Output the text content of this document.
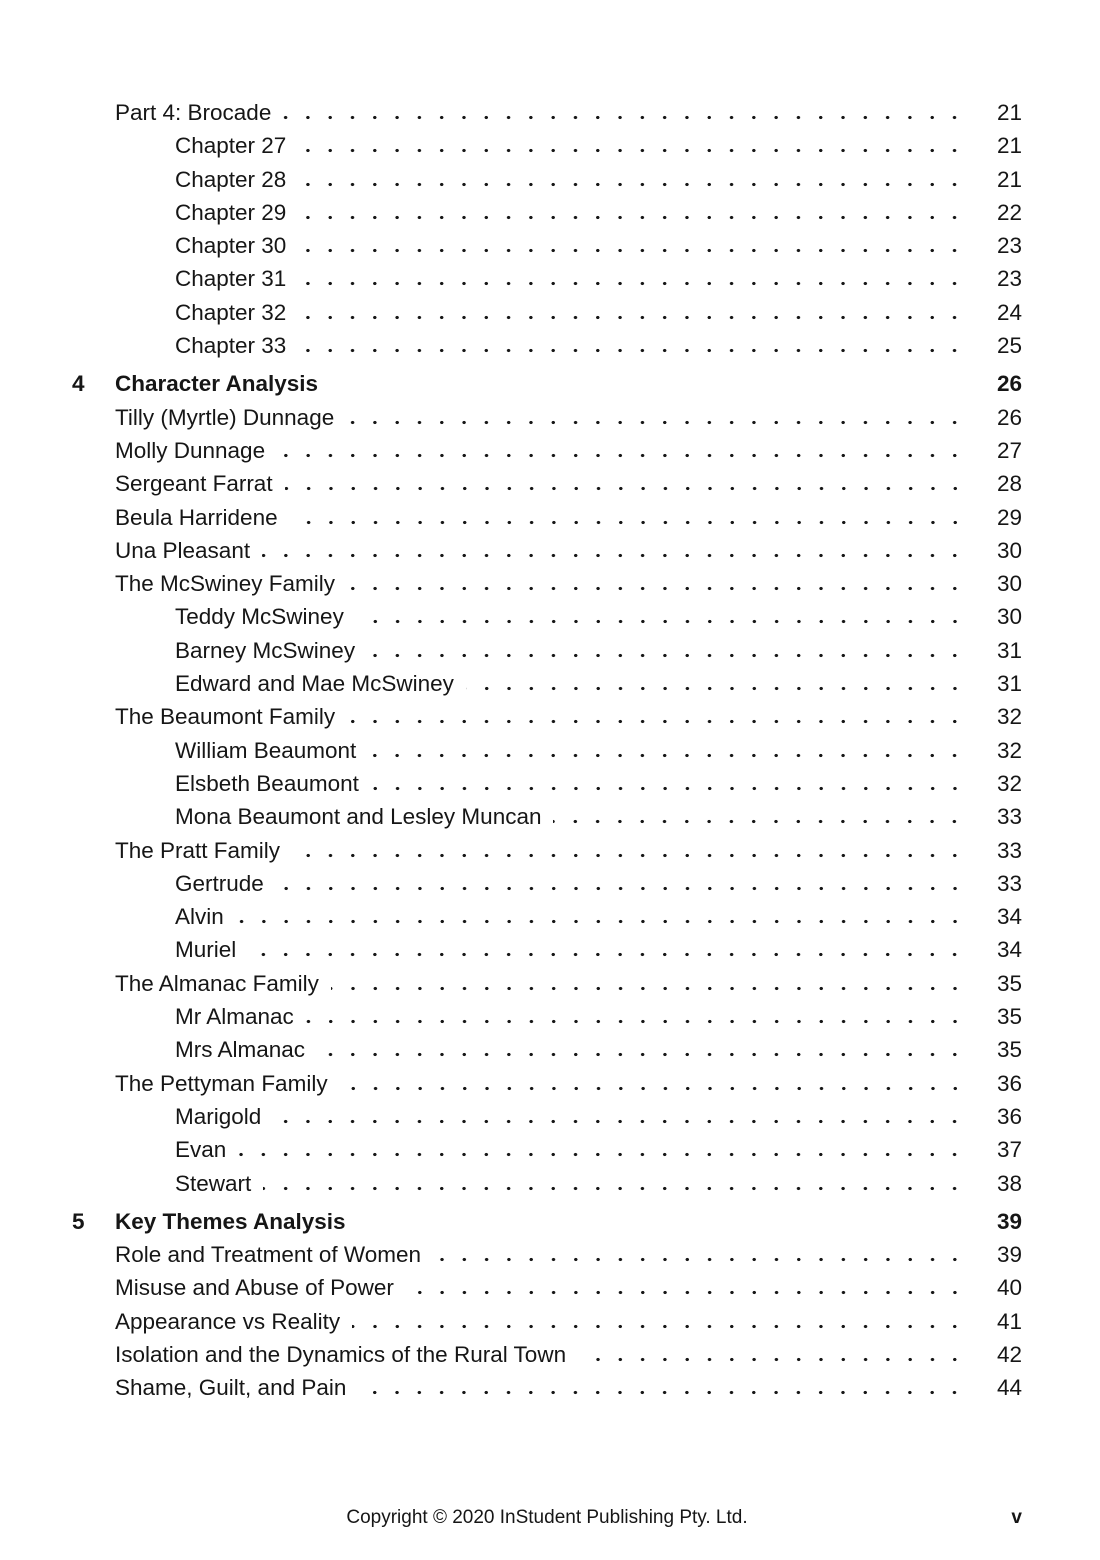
Part 4: Brocade	21
Chapter 27	21
Chapter 28	21
Chapter 29	22
Chapter 30	23
Chapter 31	23
Chapter 32	24
Chapter 33	25
4	Character Analysis	26
Tilly (Myrtle) Dunnage	26
Molly Dunnage	27
Sergeant Farrat	28
Beula Harridene	29
Una Pleasant	30
The McSwiney Family	30
Teddy McSwiney	30
Barney McSwiney	31
Edward and Mae McSwiney	31
The Beaumont Family	32
William Beaumont	32
Elsbeth Beaumont	32
Mona Beaumont and Lesley Muncan	33
The Pratt Family	33
Gertrude	33
Alvin	34
Muriel	34
The Almanac Family	35
Mr Almanac	35
Mrs Almanac	35
The Pettyman Family	36
Marigold	36
Evan	37
Stewart	38
5	Key Themes Analysis	39
Role and Treatment of Women	39
Misuse and Abuse of Power	40
Appearance vs Reality	41
Isolation and the Dynamics of the Rural Town	42
Shame, Guilt, and Pain	44
Copyright © 2020 InStudent Publishing Pty. Ltd.	v
